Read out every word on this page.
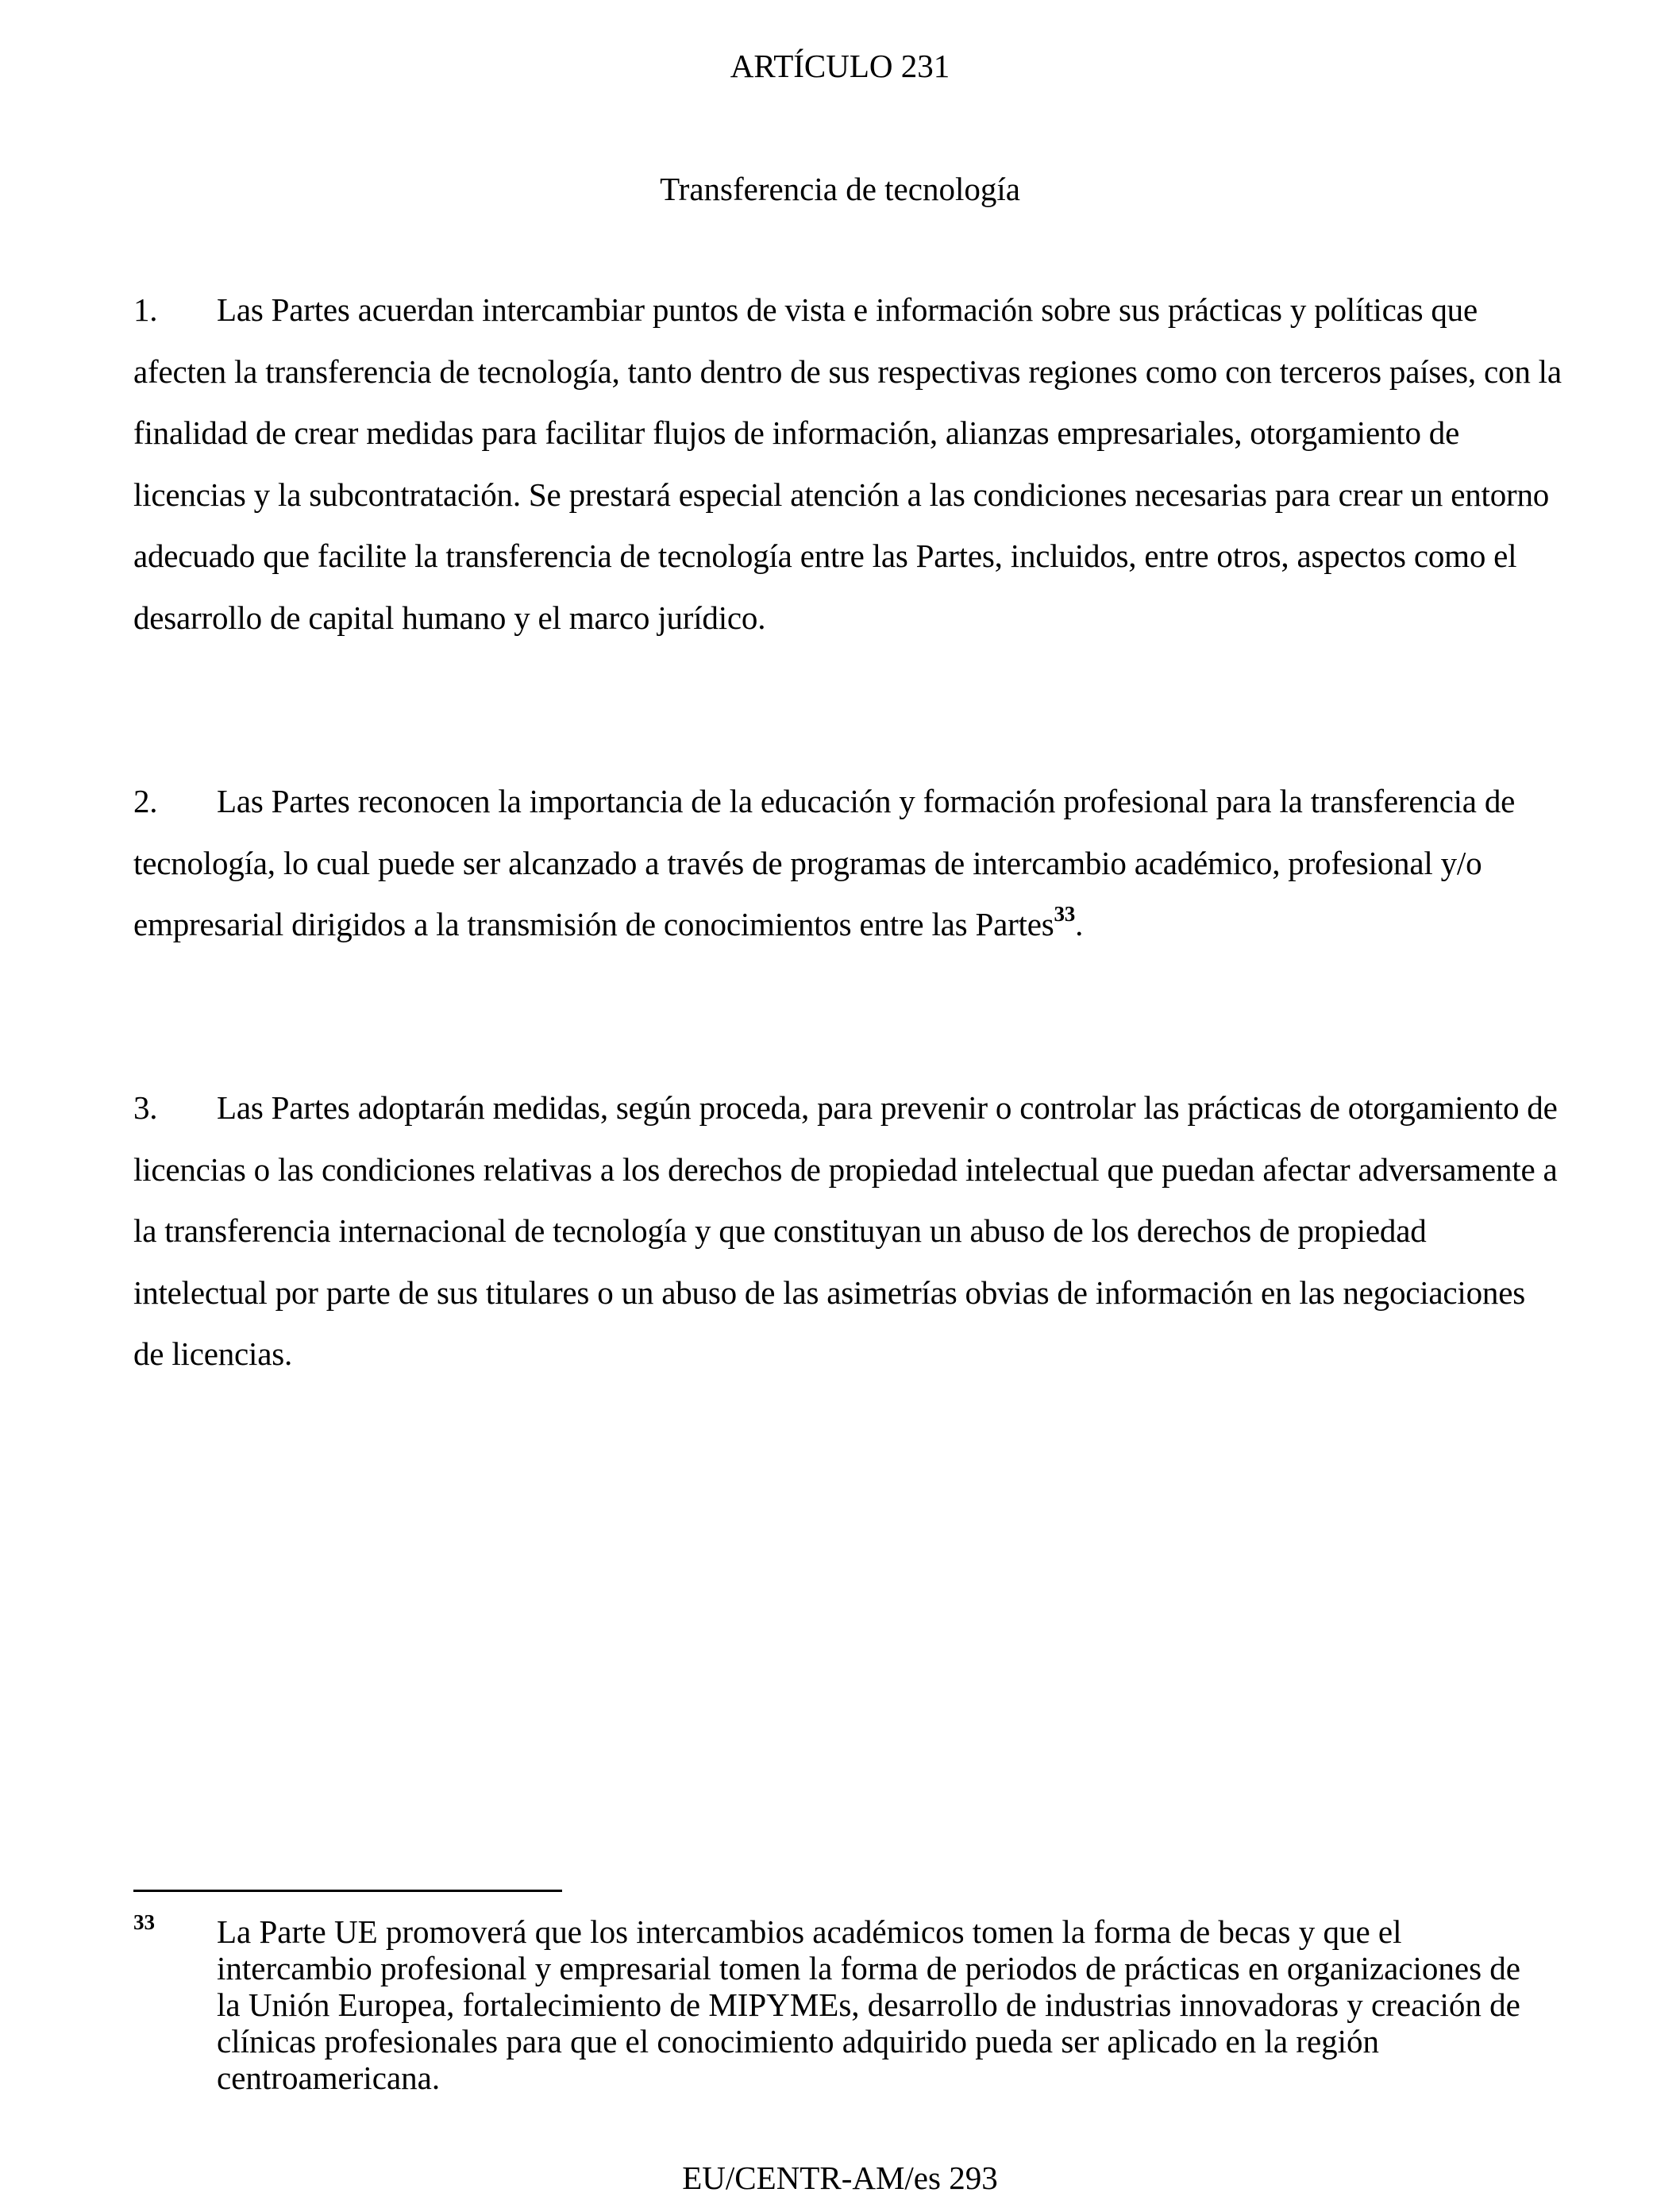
ARTÍCULO 231
Transferencia de tecnología

1. Las Partes acuerdan intercambiar puntos de vista e información sobre sus prácticas y políticas que afecten la transferencia de tecnología, tanto dentro de sus respectivas regiones como con terceros países, con la finalidad de crear medidas para facilitar flujos de información, alianzas empresariales, otorgamiento de licencias y la subcontratación. Se prestará especial atención a las condiciones necesarias para crear un entorno adecuado que facilite la transferencia de tecnología entre las Partes, incluidos, entre otros, aspectos como el desarrollo de capital humano y el marco jurídico.

2. Las Partes reconocen la importancia de la educación y formación profesional para la transferencia de tecnología, lo cual puede ser alcanzado a través de programas de intercambio académico, profesional y/o empresarial dirigidos a la transmisión de conocimientos entre las Partes$^{33}$.

3. Las Partes adoptarán medidas, según proceda, para prevenir o controlar las prácticas de otorgamiento de licencias o las condiciones relativas a los derechos de propiedad intelectual que puedan afectar adversamente a la transferencia internacional de tecnología y que constituyan un abuso de los derechos de propiedad intelectual por parte de sus titulares o un abuso de las asimetrías obvias de información en las negociaciones de licencias.

33 La Parte UE promoverá que los intercambios académicos tomen la forma de becas y que el intercambio profesional y empresarial tomen la forma de periodos de prácticas en organizaciones de la Unión Europea, fortalecimiento de MIPYMEs, desarrollo de industrias innovadoras y creación de clínicas profesionales para que el conocimiento adquirido pueda ser aplicado en la región centroamericana.

EU/CENTR-AM/es 293
